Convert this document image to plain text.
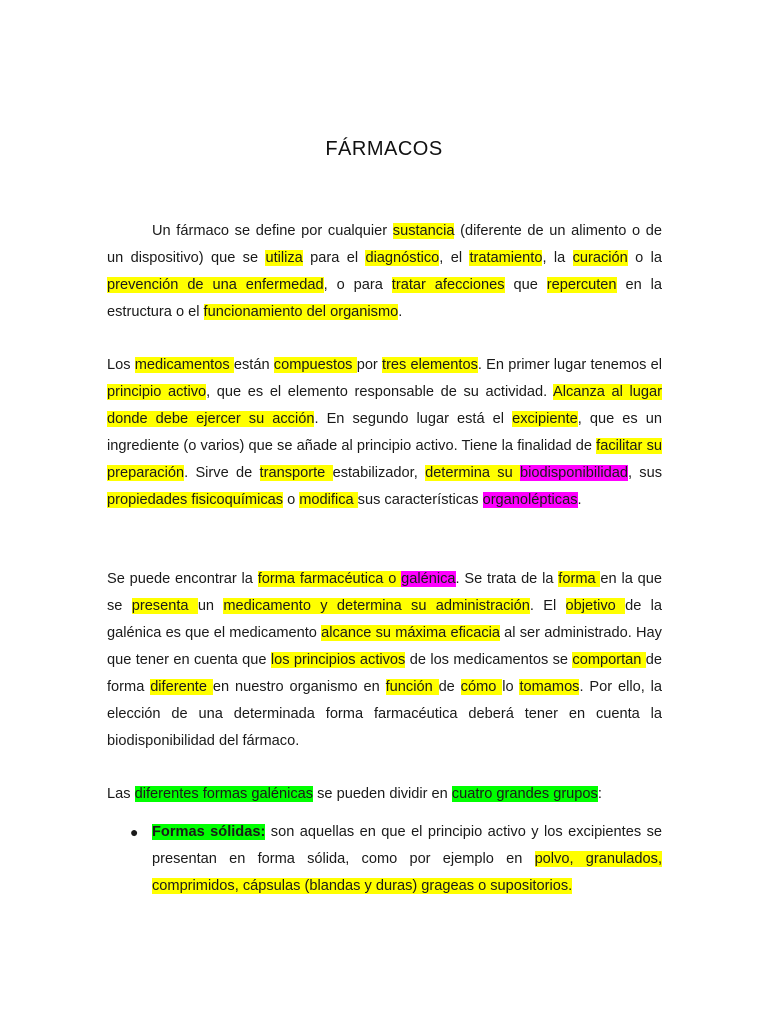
FÁRMACOS

Un fármaco se define por cualquier sustancia (diferente de un alimento o de un dispositivo) que se utiliza para el diagnóstico, el tratamiento, la curación o la prevención de una enfermedad, o para tratar afecciones que repercuten en la estructura o el funcionamiento del organismo.

Los medicamentos están compuestos por tres elementos. En primer lugar tenemos el principio activo, que es el elemento responsable de su actividad. Alcanza al lugar donde debe ejercer su acción. En segundo lugar está el excipiente, que es un ingrediente (o varios) que se añade al principio activo. Tiene la finalidad de facilitar su preparación. Sirve de transporte estabilizador, determina su biodisponibilidad, sus propiedades fisicoquímicas o modifica sus características organolépticas.

Se puede encontrar la forma farmacéutica o galénica. Se trata de la forma en la que se presenta un medicamento y determina su administración. El objetivo de la galénica es que el medicamento alcance su máxima eficacia al ser administrado. Hay que tener en cuenta que los principios activos de los medicamentos se comportan de forma diferente en nuestro organismo en función de cómo lo tomamos. Por ello, la elección de una determinada forma farmacéutica deberá tener en cuenta la biodisponibilidad del fármaco.

Las diferentes formas galénicas se pueden dividir en cuatro grandes grupos:

● Formas sólidas: son aquellas en que el principio activo y los excipientes se presentan en forma sólida, como por ejemplo en polvo, granulados, comprimidos, cápsulas (blandas y duras) grageas o supositorios.
